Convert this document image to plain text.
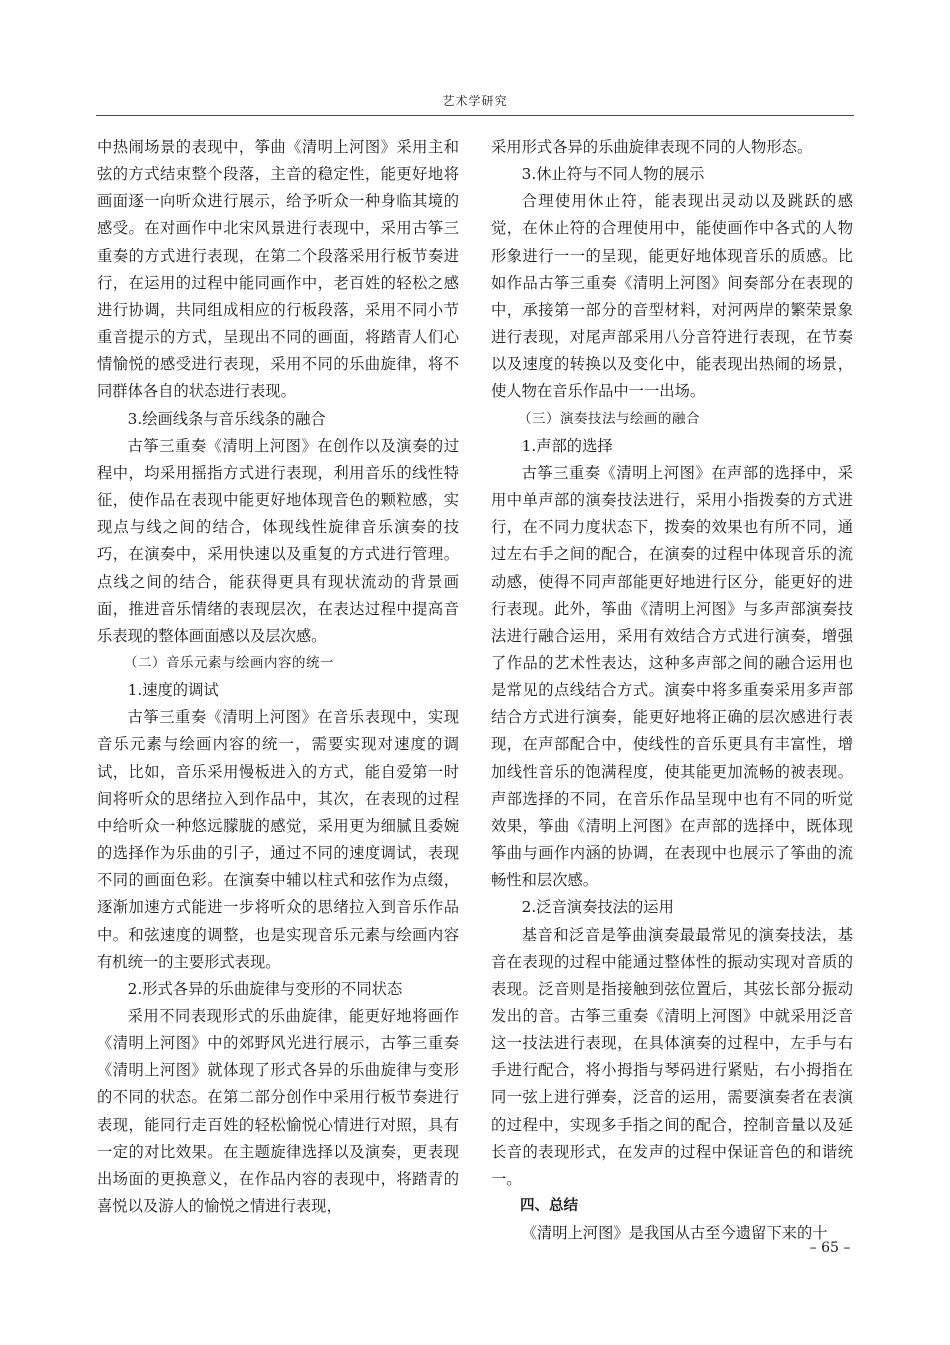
艺术学研究

中热闹场景的表现中，筝曲《清明上河图》采用主和弦的方式结束整个段落，主音的稳定性，能更好地将画面逐一向听众进行展示，给予听众一种身临其境的感受。在对画作中北宋风景进行表现中，采用古筝三重奏的方式进行表现，在第二个段落采用行板节奏进行，在运用的过程中能同画作中，老百姓的轻松之感进行协调，共同组成相应的行板段落，采用不同小节重音提示的方式，呈现出不同的画面，将踏青人们心情愉悦的感受进行表现，采用不同的乐曲旋律，将不同群体各自的状态进行表现。

3.绘画线条与音乐线条的融合

古筝三重奏《清明上河图》在创作以及演奏的过程中，均采用摇指方式进行表现，利用音乐的线性特征，使作品在表现中能更好地体现音色的颗粒感，实现点与线之间的结合，体现线性旋律音乐演奏的技巧，在演奏中，采用快速以及重复的方式进行管理。点线之间的结合，能获得更具有现状流动的背景画面，推进音乐情绪的表现层次，在表达过程中提高音乐表现的整体画面感以及层次感。

（二）音乐元素与绘画内容的统一

1.速度的调试

古筝三重奏《清明上河图》在音乐表现中，实现音乐元素与绘画内容的统一，需要实现对速度的调试，比如，音乐采用慢板进入的方式，能自爱第一时间将听众的思绪拉入到作品中，其次，在表现的过程中给听众一种悠远朦胧的感觉，采用更为细腻且委婉的选择作为乐曲的引子，通过不同的速度调试，表现不同的画面色彩。在演奏中辅以柱式和弦作为点缀，逐渐加速方式能进一步将听众的思绪拉入到音乐作品中。和弦速度的调整，也是实现音乐元素与绘画内容有机统一的主要形式表现。

2.形式各异的乐曲旋律与变形的不同状态

采用不同表现形式的乐曲旋律，能更好地将画作《清明上河图》中的郊野风光进行展示，古筝三重奏《清明上河图》就体现了形式各异的乐曲旋律与变形的不同的状态。在第二部分创作中采用行板节奏进行表现，能同行走百姓的轻松愉悦心情进行对照，具有一定的对比效果。在主题旋律选择以及演奏，更表现出场面的更换意义，在作品内容的表现中，将踏青的喜悦以及游人的愉悦之情进行表现，

采用形式各异的乐曲旋律表现不同的人物形态。

3.休止符与不同人物的展示

合理使用休止符，能表现出灵动以及跳跃的感觉，在休止符的合理使用中，能使画作中各式的人物形象进行一一的呈现，能更好地体现音乐的质感。比如作品古筝三重奏《清明上河图》间奏部分在表现的中，承接第一部分的音型材料，对河两岸的繁荣景象进行表现，对尾声部采用八分音符进行表现，在节奏以及速度的转换以及变化中，能表现出热闹的场景，使人物在音乐作品中一一出场。

（三）演奏技法与绘画的融合

1.声部的选择

古筝三重奏《清明上河图》在声部的选择中，采用中单声部的演奏技法进行，采用小指拨奏的方式进行，在不同力度状态下，拨奏的效果也有所不同，通过左右手之间的配合，在演奏的过程中体现音乐的流动感，使得不同声部能更好地进行区分，能更好的进行表现。此外，筝曲《清明上河图》与多声部演奏技法进行融合运用，采用有效结合方式进行演奏，增强了作品的艺术性表达，这种多声部之间的融合运用也是常见的点线结合方式。演奏中将多重奏采用多声部结合方式进行演奏，能更好地将正确的层次感进行表现，在声部配合中，使线性的音乐更具有丰富性，增加线性音乐的饱满程度，使其能更加流畅的被表现。声部选择的不同，在音乐作品呈现中也有不同的听觉效果，筝曲《清明上河图》在声部的选择中，既体现筝曲与画作内涵的协调，在表现中也展示了筝曲的流畅性和层次感。

2.泛音演奏技法的运用

基音和泛音是筝曲演奏最最常见的演奏技法，基音在表现的过程中能通过整体性的振动实现对音质的表现。泛音则是指接触到弦位置后，其弦长部分振动发出的音。古筝三重奏《清明上河图》中就采用泛音这一技法进行表现，在具体演奏的过程中，左手与右手进行配合，将小拇指与琴码进行紧贴，右小拇指在同一弦上进行弹奏，泛音的运用，需要演奏者在表演的过程中，实现多手指之间的配合，控制音量以及延长音的表现形式，在发声的过程中保证音色的和谐统一。

四、总结

《清明上河图》是我国从古至今遗留下来的十

– 65 –
